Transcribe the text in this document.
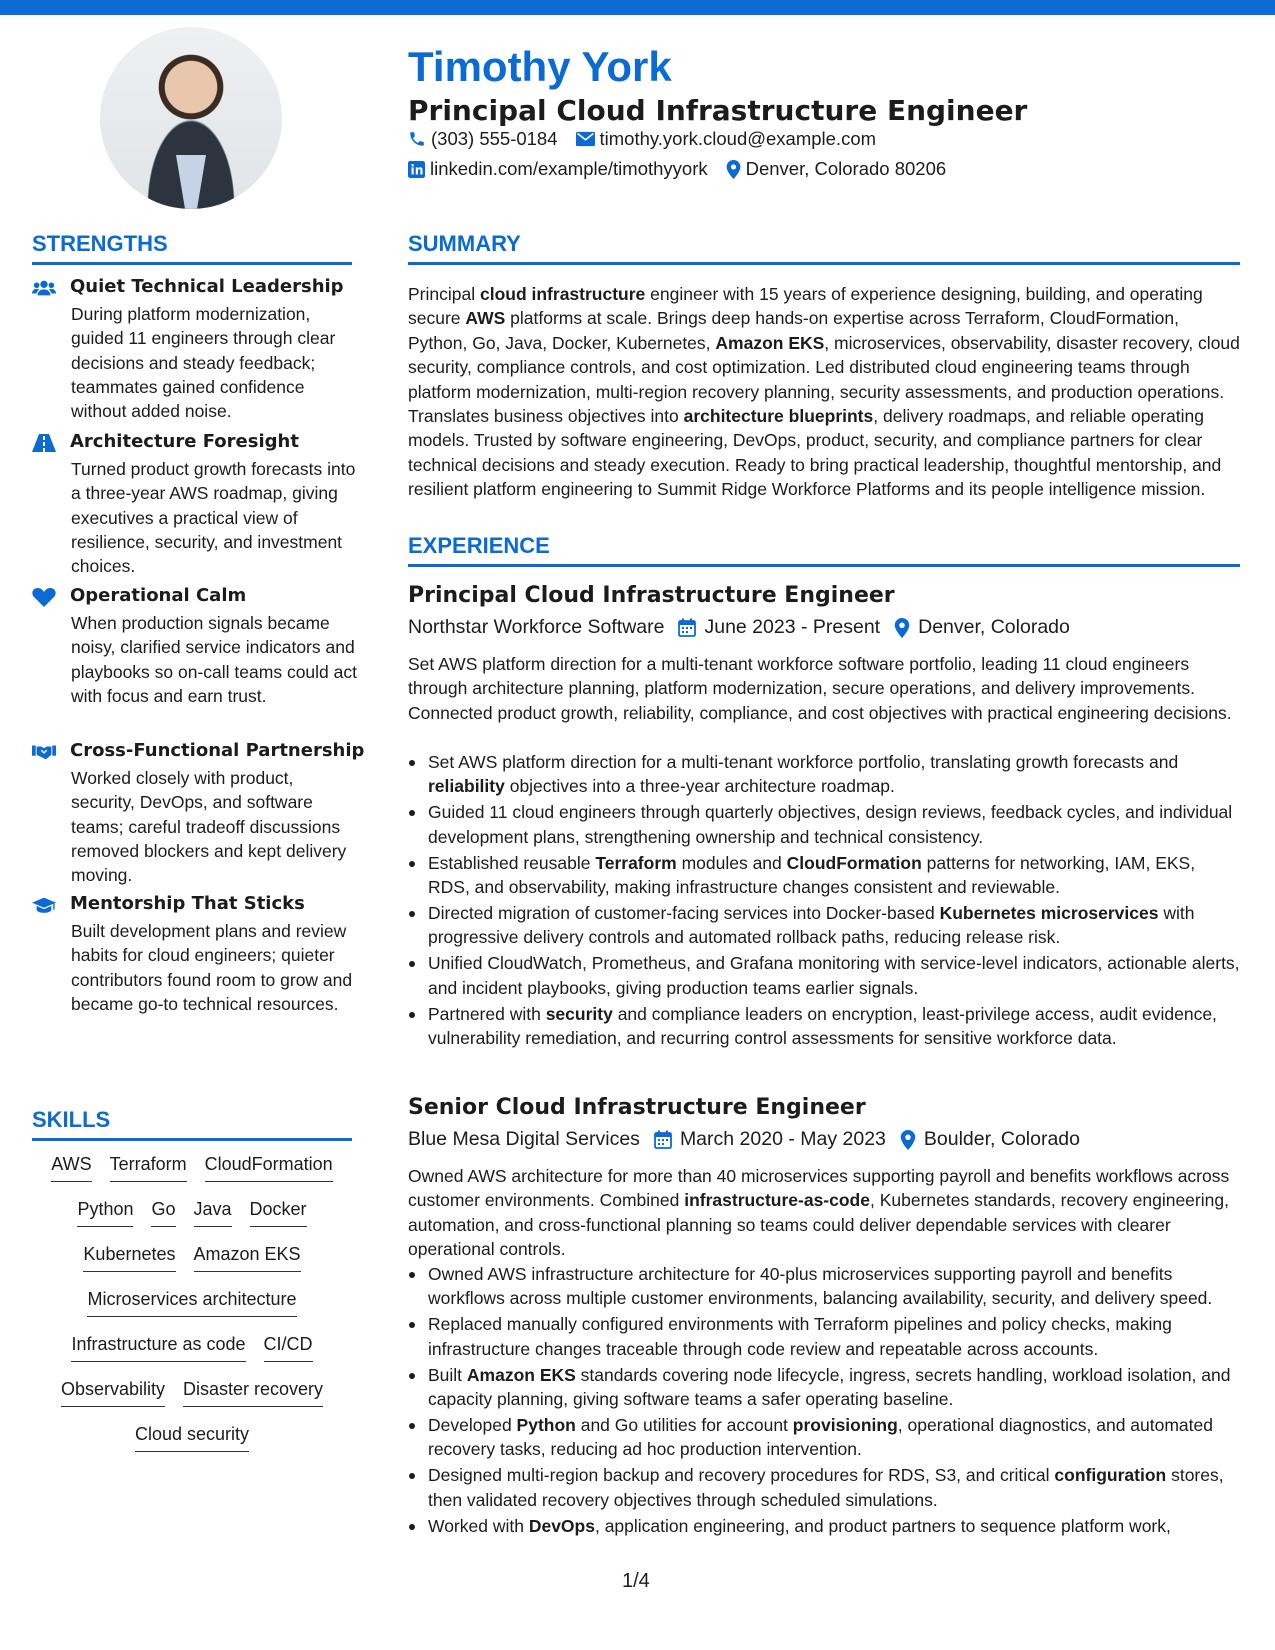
Timothy York
Principal Cloud Infrastructure Engineer
(303) 555-0184 timothy.york.cloud@example.com
linkedin.com/example/timothyyork Denver, Colorado 80206
STRENGTHS
Quiet Technical Leadership
During platform modernization, guided 11 engineers through clear decisions and steady feedback; teammates gained confidence without added noise.
Architecture Foresight
Turned product growth forecasts into a three-year AWS roadmap, giving executives a practical view of resilience, security, and investment choices.
Operational Calm
When production signals became noisy, clarified service indicators and playbooks so on-call teams could act with focus and earn trust.
Cross-Functional Partnership
Worked closely with product, security, DevOps, and software teams; careful tradeoff discussions removed blockers and kept delivery moving.
Mentorship That Sticks
Built development plans and review habits for cloud engineers; quieter contributors found room to grow and became go-to technical resources.
SKILLS
AWS Terraform CloudFormation
Python Go Java Docker
Kubernetes Amazon EKS
Microservices architecture
Infrastructure as code CI/CD
Observability Disaster recovery
Cloud security
SUMMARY

Principal cloud infrastructure engineer with 15 years of experience designing, building, and operating secure AWS platforms at scale. Brings deep hands-on expertise across Terraform, CloudFormation, Python, Go, Java, Docker, Kubernetes, Amazon EKS, microservices, observability, disaster recovery, cloud security, compliance controls, and cost optimization. Led distributed cloud engineering teams through platform modernization, multi-region recovery planning, security assessments, and production operations. Translates business objectives into architecture blueprints, delivery roadmaps, and reliable operating models. Trusted by software engineering, DevOps, product, security, and compliance partners for clear technical decisions and steady execution. Ready to bring practical leadership, thoughtful mentorship, and resilient platform engineering to Summit Ridge Workforce Platforms and its people intelligence mission.

EXPERIENCE
Principal Cloud Infrastructure Engineer
Northstar Workforce Software June 2023 - Present Denver, Colorado

Set AWS platform direction for a multi-tenant workforce software portfolio, leading 11 cloud engineers through architecture planning, platform modernization, secure operations, and delivery improvements. Connected product growth, reliability, compliance, and cost objectives with practical engineering decisions.

Set AWS platform direction for a multi-tenant workforce portfolio, translating growth forecasts and reliability objectives into a three-year architecture roadmap.
Guided 11 cloud engineers through quarterly objectives, design reviews, feedback cycles, and individual development plans, strengthening ownership and technical consistency.
Established reusable Terraform modules and CloudFormation patterns for networking, IAM, EKS, RDS, and observability, making infrastructure changes consistent and reviewable.
Directed migration of customer-facing services into Docker-based Kubernetes microservices with progressive delivery controls and automated rollback paths, reducing release risk.
Unified CloudWatch, Prometheus, and Grafana monitoring with service-level indicators, actionable alerts, and incident playbooks, giving production teams earlier signals.
Partnered with security and compliance leaders on encryption, least-privilege access, audit evidence, vulnerability remediation, and recurring control assessments for sensitive workforce data.
Senior Cloud Infrastructure Engineer
Blue Mesa Digital Services March 2020 - May 2023 Boulder, Colorado

Owned AWS architecture for more than 40 microservices supporting payroll and benefits workflows across customer environments. Combined infrastructure-as-code, Kubernetes standards, recovery engineering, automation, and cross-functional planning so teams could deliver dependable services with clearer operational controls.

Owned AWS infrastructure architecture for 40-plus microservices supporting payroll and benefits workflows across multiple customer environments, balancing availability, security, and delivery speed.
Replaced manually configured environments with Terraform pipelines and policy checks, making infrastructure changes traceable through code review and repeatable across accounts.
Built Amazon EKS standards covering node lifecycle, ingress, secrets handling, workload isolation, and capacity planning, giving software teams a safer operating baseline.
Developed Python and Go utilities for account provisioning, operational diagnostics, and automated recovery tasks, reducing ad hoc production intervention.
Designed multi-region backup and recovery procedures for RDS, S3, and critical configuration stores, then validated recovery objectives through scheduled simulations.
Worked with DevOps, application engineering, and product partners to sequence platform work,
1/4
